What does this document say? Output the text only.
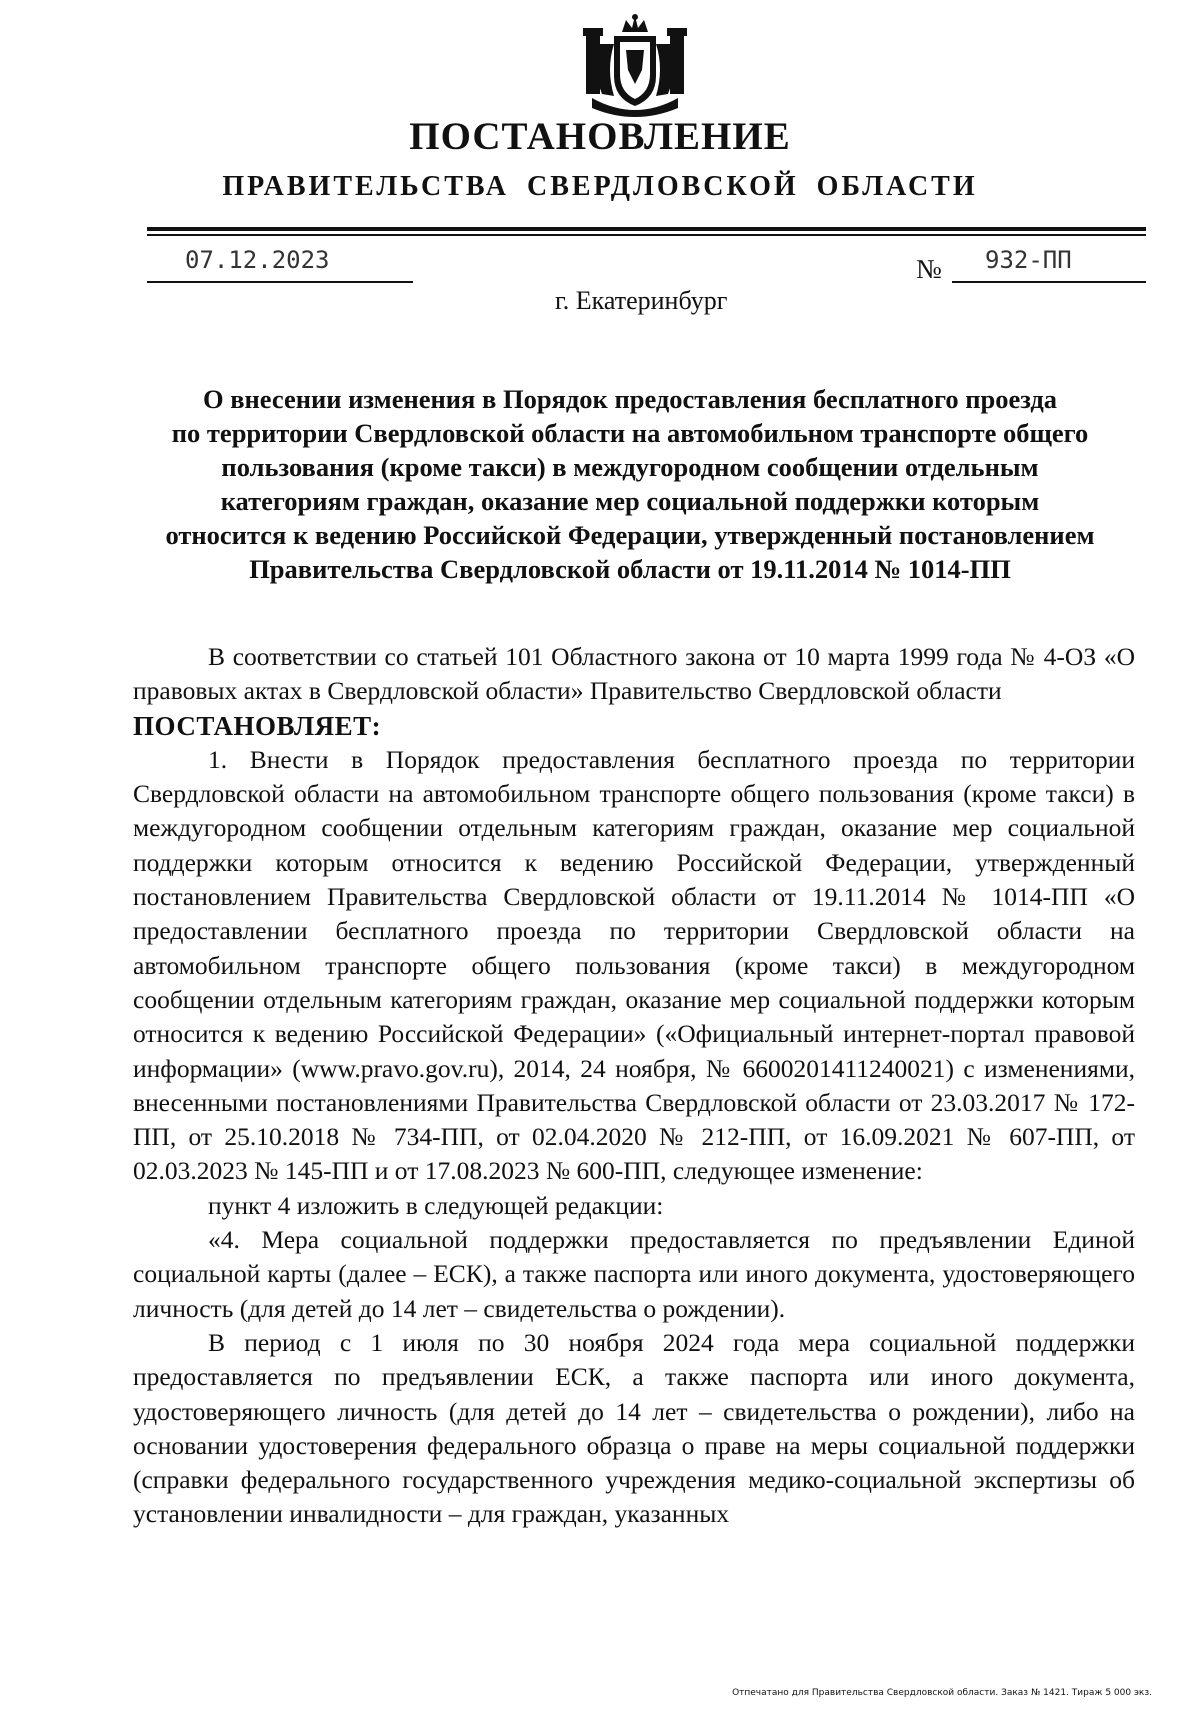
ПОСТАНОВЛЕНИЕ
ПРАВИТЕЛЬСТВА СВЕРДЛОВСКОЙ ОБЛАСТИ
07.12.2023	№ 932-ПП
г. Екатеринбург
О внесении изменения в Порядок предоставления бесплатного проезда
по территории Свердловской области на автомобильном транспорте общего
пользования (кроме такси) в междугородном сообщении отдельным
категориям граждан, оказание мер социальной поддержки которым
относится к ведению Российской Федерации, утвержденный постановлением
Правительства Свердловской области от 19.11.2014 № 1014-ПП

В соответствии со статьей 101 Областного закона от 10 марта 1999 года № 4-ОЗ «О правовых актах в Свердловской области» Правительство Свердловской области

ПОСТАНОВЛЯЕТ:

1. Внести в Порядок предоставления бесплатного проезда по территории Свердловской области на автомобильном транспорте общего пользования (кроме такси) в междугородном сообщении отдельным категориям граждан, оказание мер социальной поддержки которым относится к ведению Российской Федерации, утвержденный постановлением Правительства Свердловской области от 19.11.2014 № 1014-ПП «О предоставлении бесплатного проезда по территории Свердловской области на автомобильном транспорте общего пользования (кроме такси) в междугородном сообщении отдельным категориям граждан, оказание мер социальной поддержки которым относится к ведению Российской Федерации» («Официальный интернет-портал правовой информации» (www.pravo.gov.ru), 2014, 24 ноября, № 6600201411240021) с изменениями, внесенными постановлениями Правительства Свердловской области от 23.03.2017 № 172-ПП, от 25.10.2018 № 734-ПП, от 02.04.2020 № 212-ПП, от 16.09.2021 № 607-ПП, от 02.03.2023 № 145-ПП и от 17.08.2023 № 600-ПП, следующее изменение:

пункт 4 изложить в следующей редакции:

«4. Мера социальной поддержки предоставляется по предъявлении Единой социальной карты (далее – ЕСК), а также паспорта или иного документа, удостоверяющего личность (для детей до 14 лет – свидетельства о рождении).

В период с 1 июля по 30 ноября 2024 года мера социальной поддержки предоставляется по предъявлении ЕСК, а также паспорта или иного документа, удостоверяющего личность (для детей до 14 лет – свидетельства о рождении), либо на основании удостоверения федерального образца о праве на меры социальной поддержки (справки федерального государственного учреждения медико-социальной экспертизы об установлении инвалидности – для граждан, указанных

Отпечатано для Правительства Свердловской области. Заказ № 1421. Тираж 5 000 экз.
